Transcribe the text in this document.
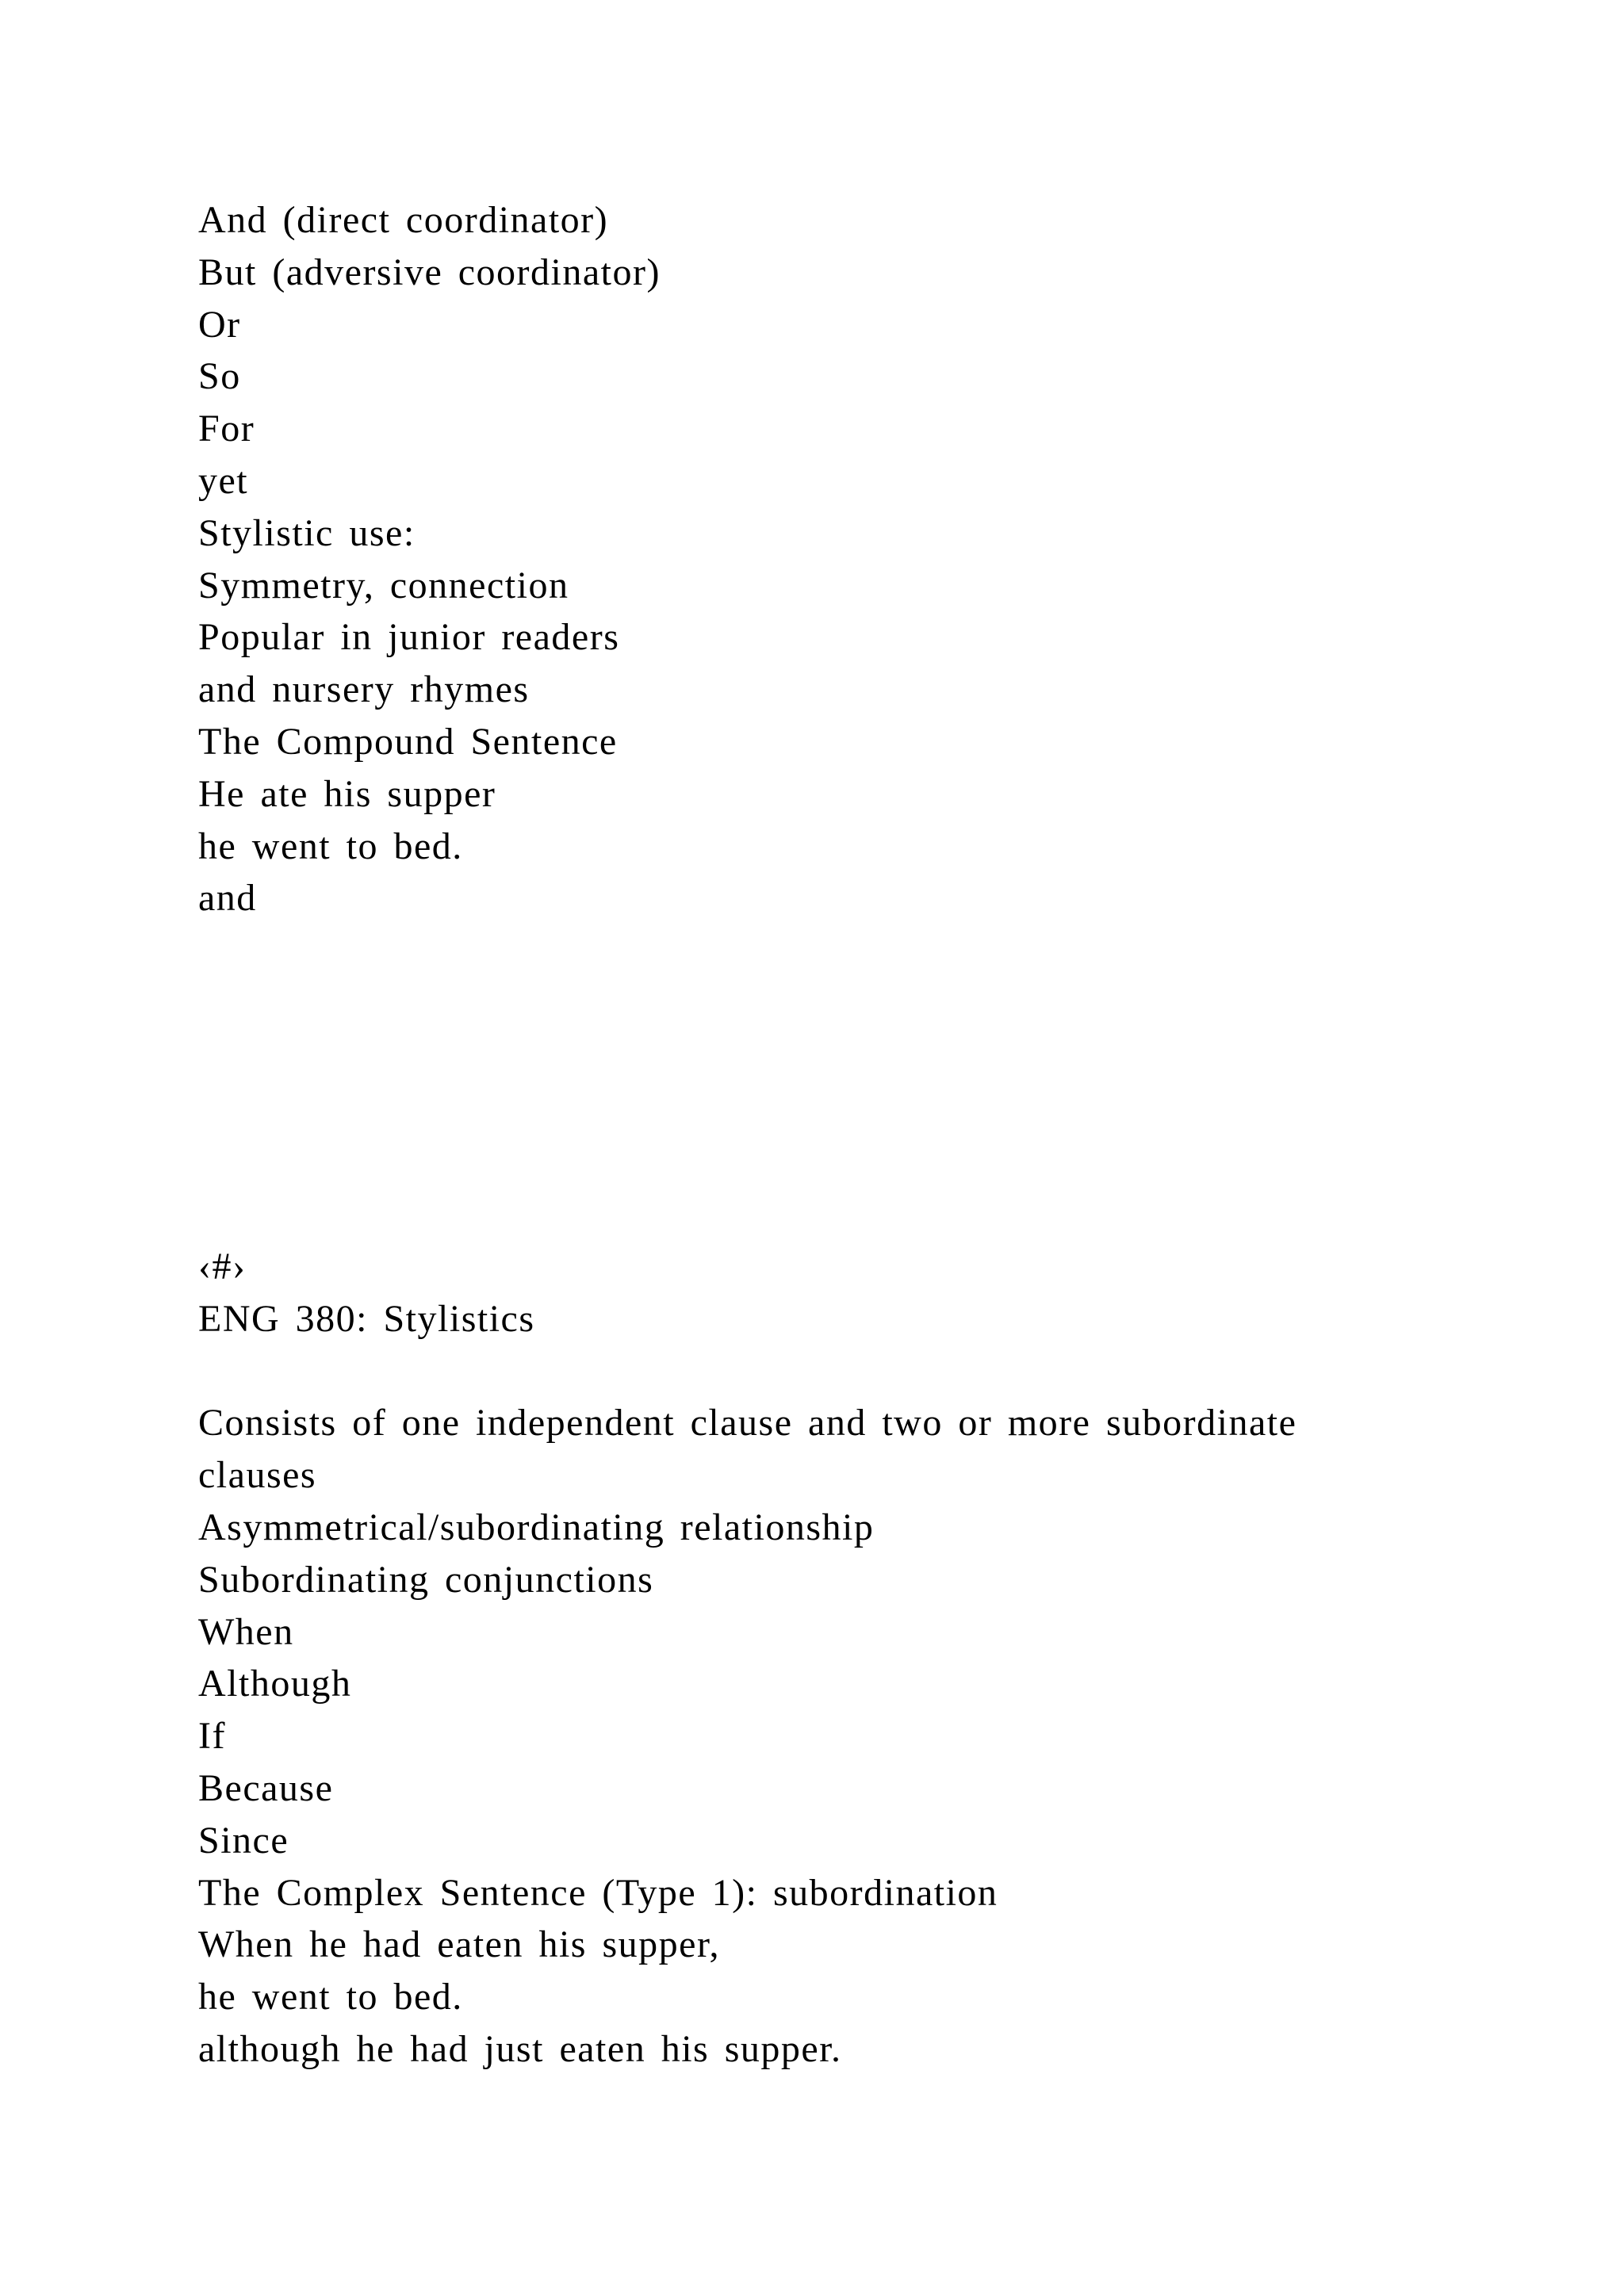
And (direct coordinator)
But (adversive coordinator)
Or
So
For
yet
Stylistic use:
Symmetry, connection
Popular in junior readers
and nursery rhymes
The Compound Sentence
He ate his supper
he went to bed.
and
‹#›
ENG 380: Stylistics
Consists of one independent clause and two or more subordinate
clauses
Asymmetrical/subordinating relationship
Subordinating conjunctions
When
Although
If
Because
Since
The Complex Sentence (Type 1): subordination
When he had eaten his supper,
he went to bed.
although he had just eaten his supper.
